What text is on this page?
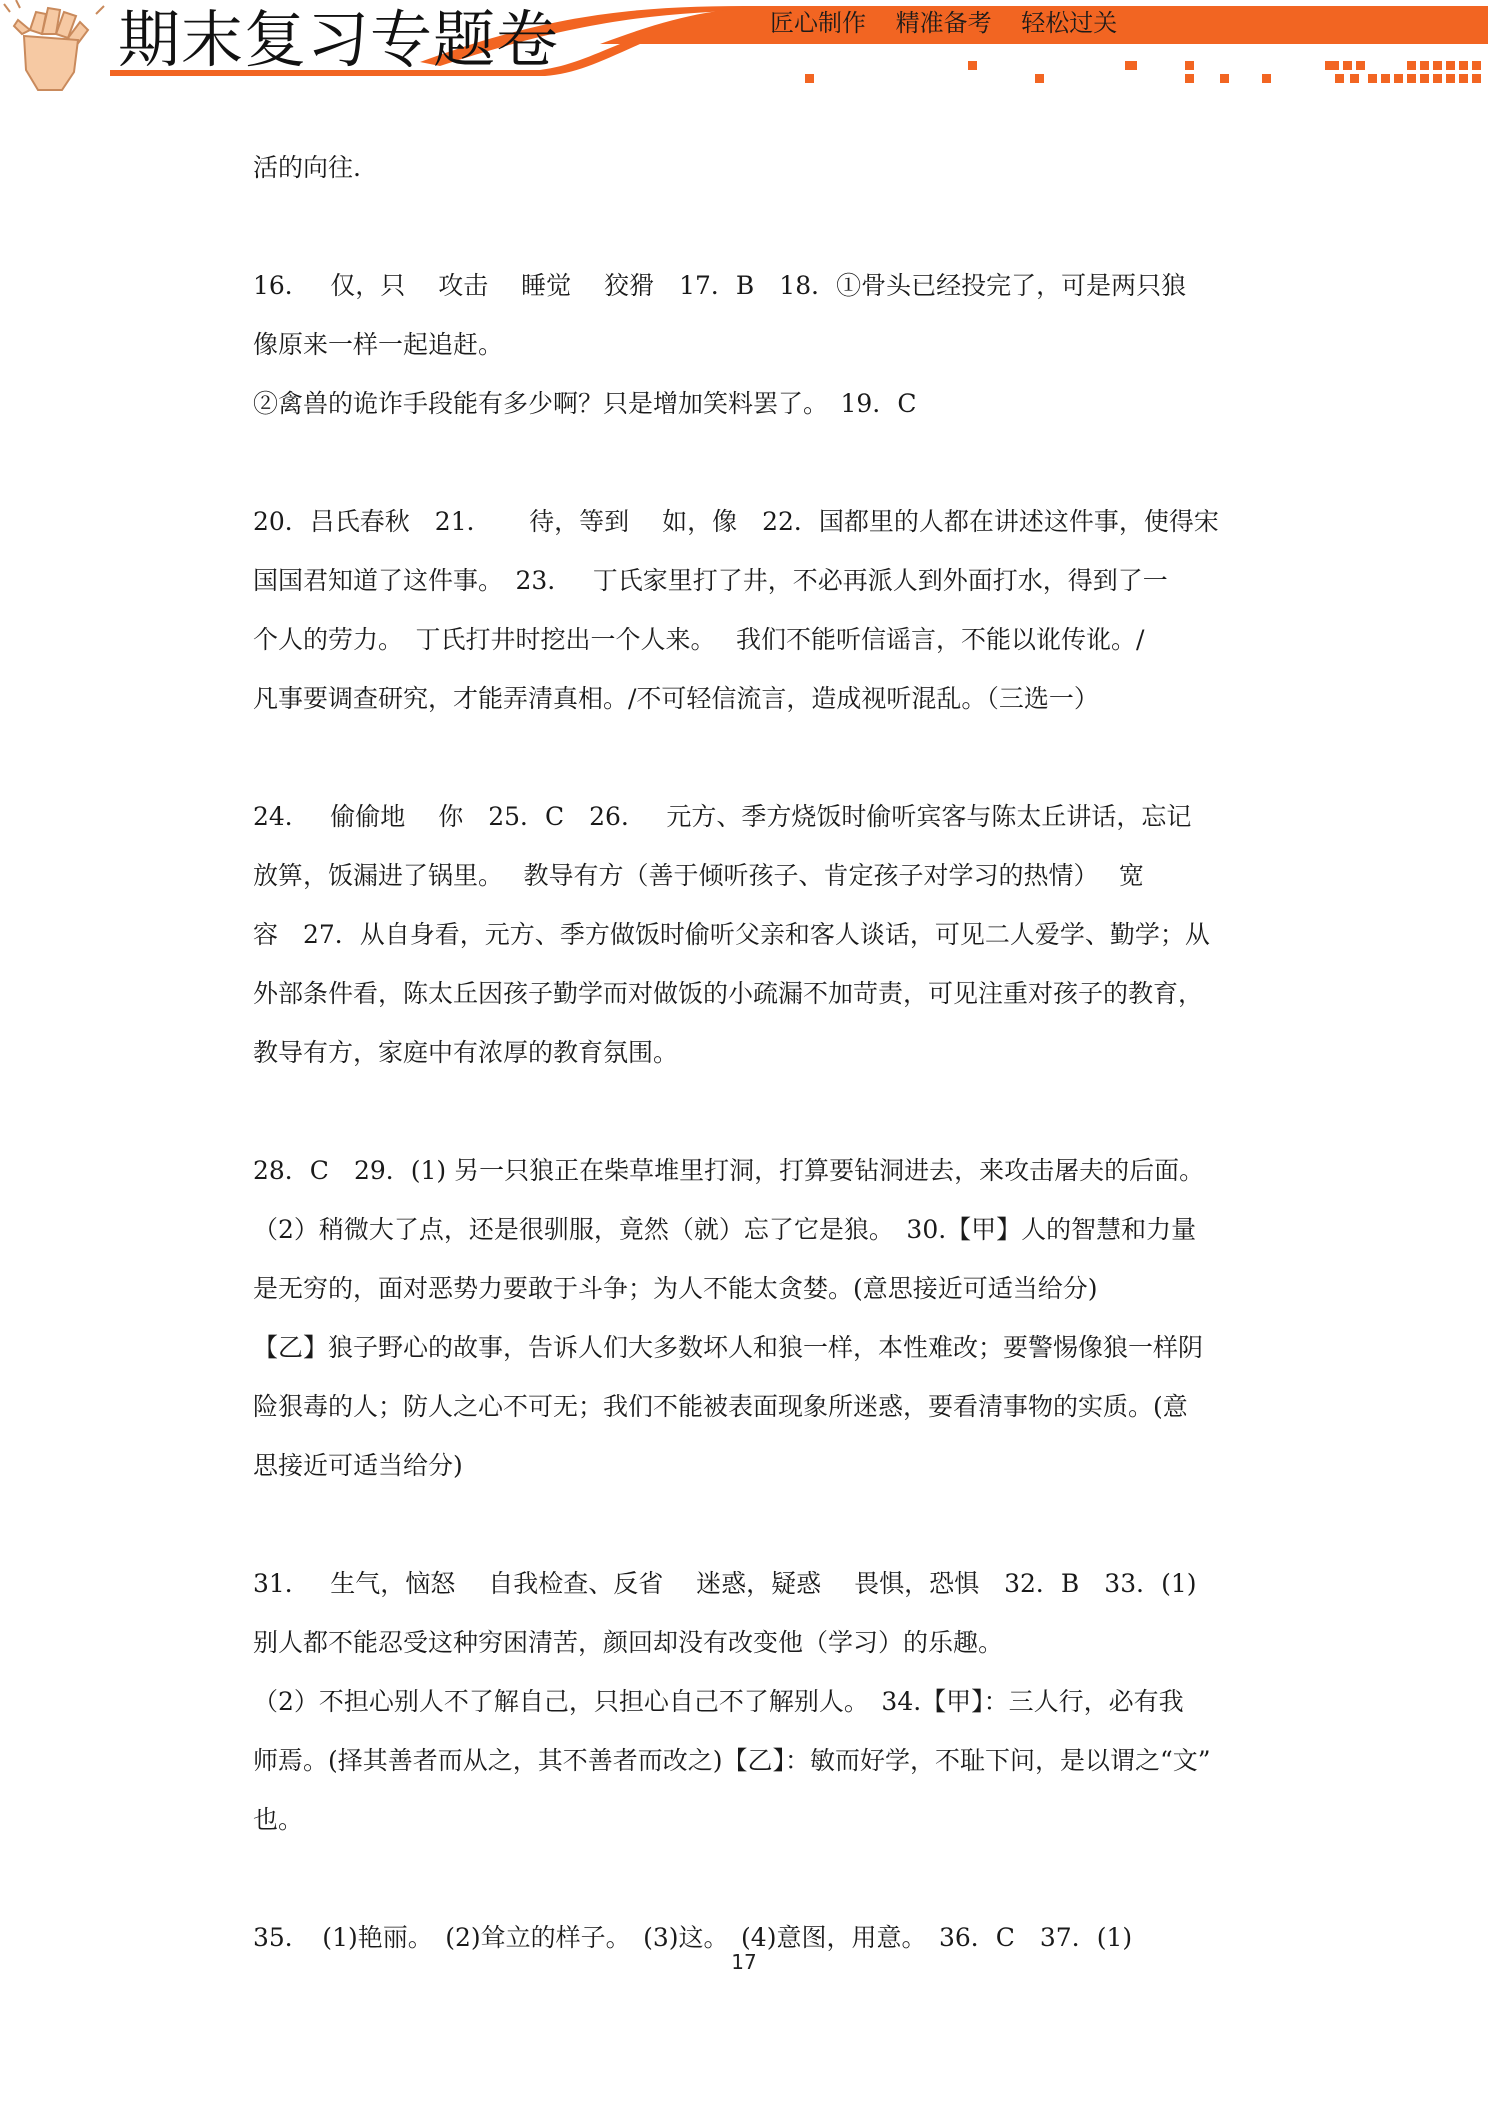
期末复习专题卷	匠心制作 精准备考 轻松过关
活的向往.
16．　 仅，只　 攻击　 睡觉　 狡猾　17．B　18．①骨头已经投完了，可是两只狼
像原来一样一起追赶。
②禽兽的诡诈手段能有多少啊？只是增加笑料罢了。　19．C
20．吕氏春秋　21．　　待，等到　 如，像　22．国都里的人都在讲述这件事，使得宋
国国君知道了这件事。　23．　 丁氏家里打了井，不必再派人到外面打水，得到了一
个人的劳力。　丁氏打井时挖出一个人来。　 我们不能听信谣言，不能以讹传讹。/
凡事要调查研究，才能弄清真相。/不可轻信流言，造成视听混乱。（三选一）
24．　 偷偷地　 你　25．C　26．　 元方、季方烧饭时偷听宾客与陈太丘讲话，忘记
放箅，饭漏进了锅里。　 教导有方（善于倾听孩子、肯定孩子对学习的热情）　 宽
容　27．从自身看，元方、季方做饭时偷听父亲和客人谈话，可见二人爱学、勤学；从
外部条件看，陈太丘因孩子勤学而对做饭的小疏漏不加苛责，可见注重对孩子的教育，
教导有方，家庭中有浓厚的教育氛围。
28．C　29．(1) 另一只狼正在柴草堆里打洞，打算要钻洞进去，来攻击屠夫的后面。
（2）稍微大了点，还是很驯服，竟然（就）忘了它是狼。　30.【甲】人的智慧和力量
是无穷的，面对恶势力要敢于斗争；为人不能太贪婪。(意思接近可适当给分)
【乙】狼子野心的故事，告诉人们大多数坏人和狼一样，本性难改；要警惕像狼一样阴
险狠毒的人；防人之心不可无；我们不能被表面现象所迷惑，要看清事物的实质。(意
思接近可适当给分)
31．　 生气，恼怒　 自我检查、反省　 迷惑，疑惑　 畏惧，恐惧　32．B　33．(1)
别人都不能忍受这种穷困清苦，颜回却没有改变他（学习）的乐趣。
（2）不担心别人不了解自己，只担心自己不了解别人。　34.【甲】：三人行，必有我
师焉。(择其善者而从之，其不善者而改之)【乙】：敏而好学，不耻下问，是以谓之“文”
也。
35．　(1)艳丽。　(2)耸立的样子。　(3)这。　(4)意图，用意。　36．C　37．(1)
17
